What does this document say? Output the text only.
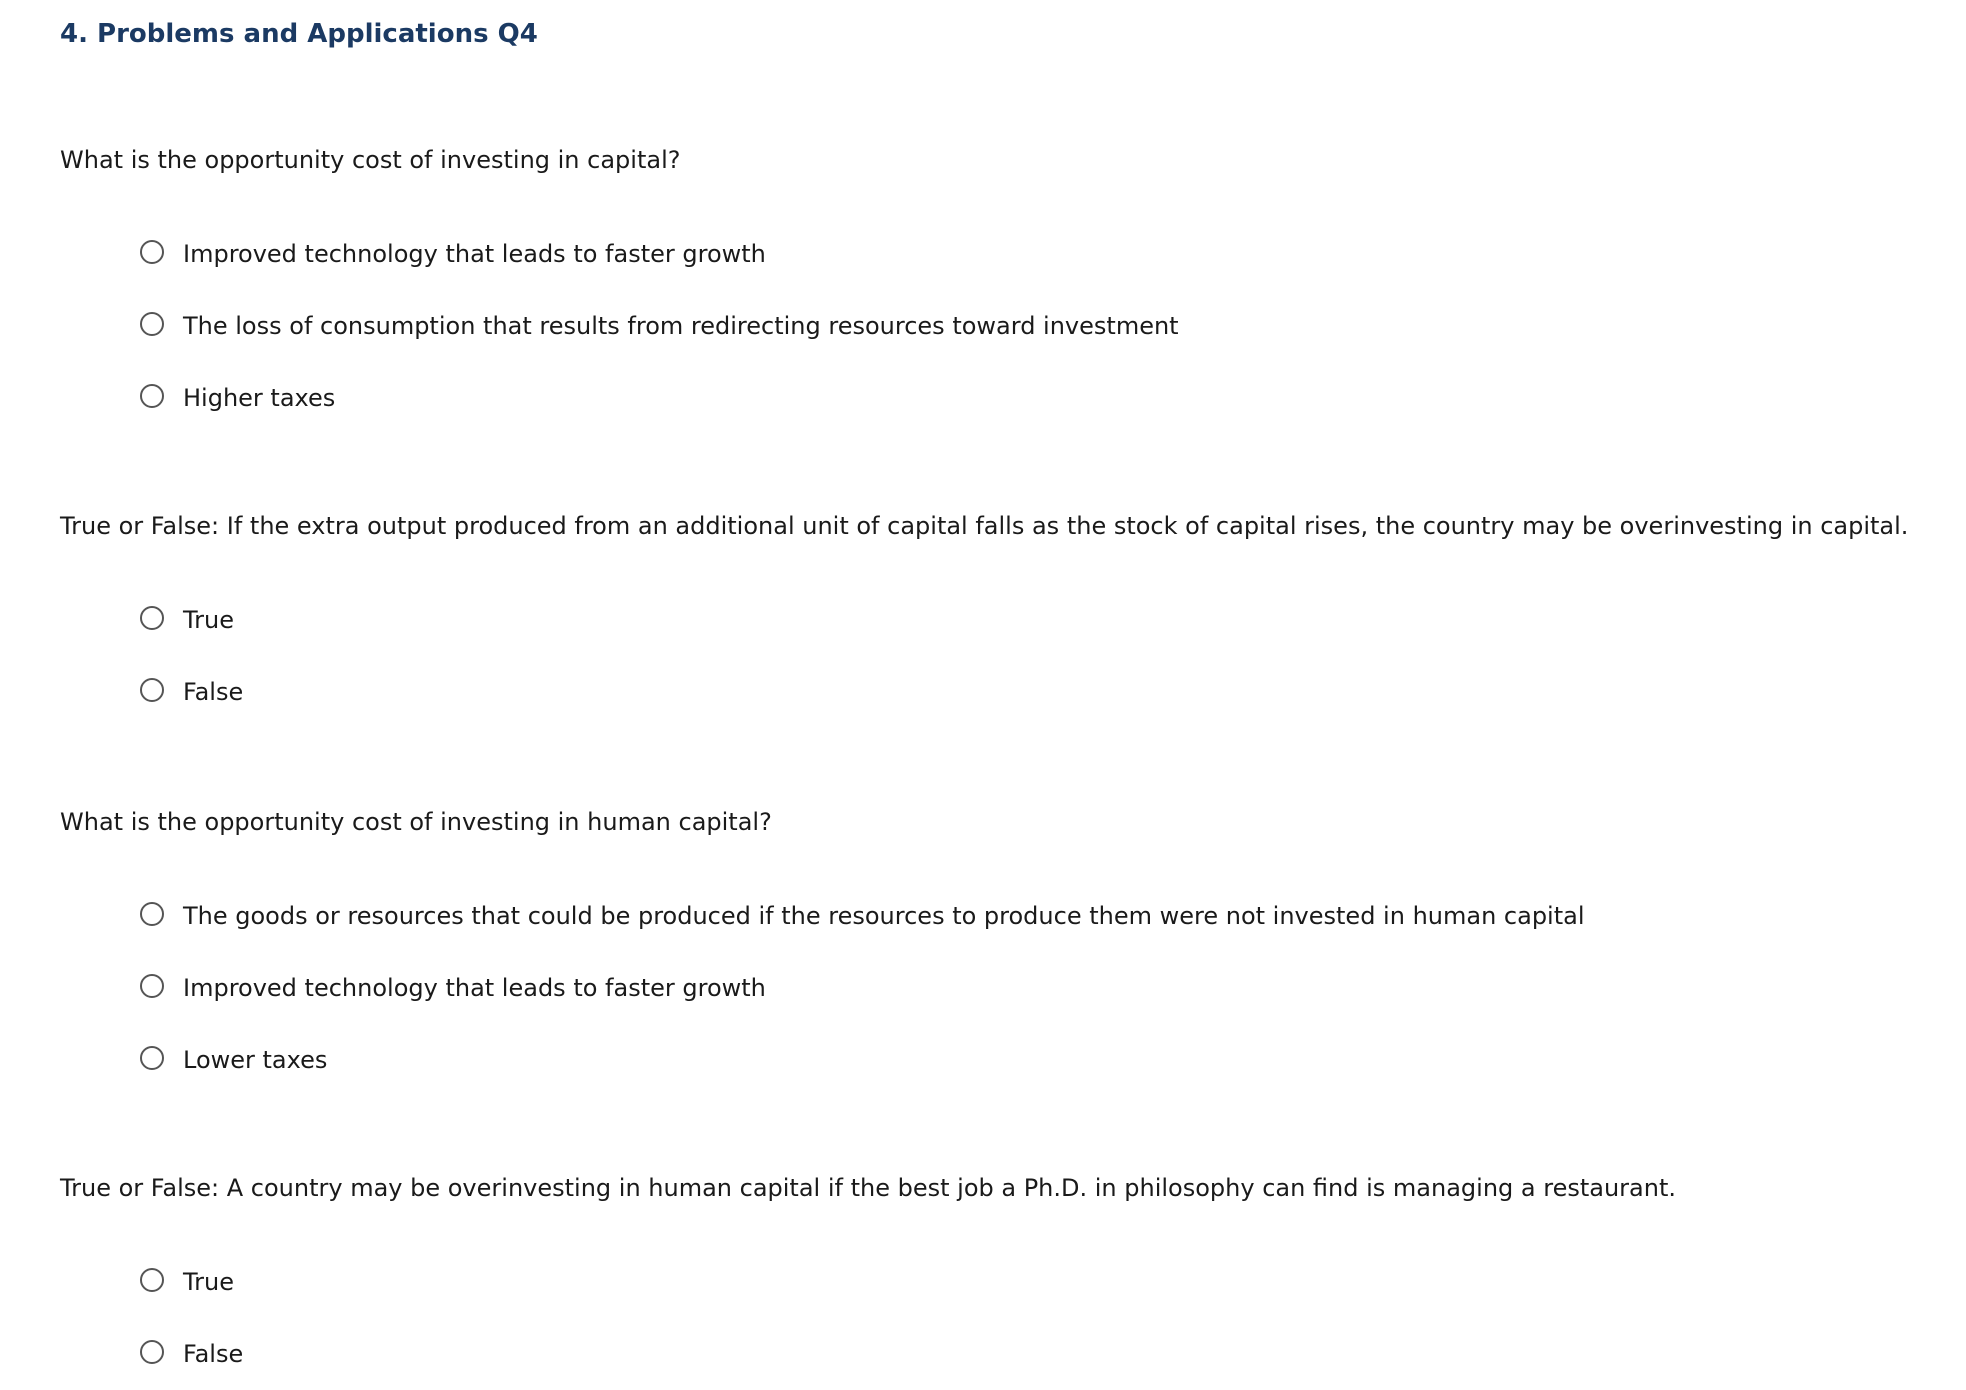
4. Problems and Applications Q4

What is the opportunity cost of investing in capital?

Improved technology that leads to faster growth
The loss of consumption that results from redirecting resources toward investment
Higher taxes

True or False: If the extra output produced from an additional unit of capital falls as the stock of capital rises, the country may be overinvesting in capital.

True
False

What is the opportunity cost of investing in human capital?

The goods or resources that could be produced if the resources to produce them were not invested in human capital
Improved technology that leads to faster growth
Lower taxes

True or False: A country may be overinvesting in human capital if the best job a Ph.D. in philosophy can find is managing a restaurant.

True
False
